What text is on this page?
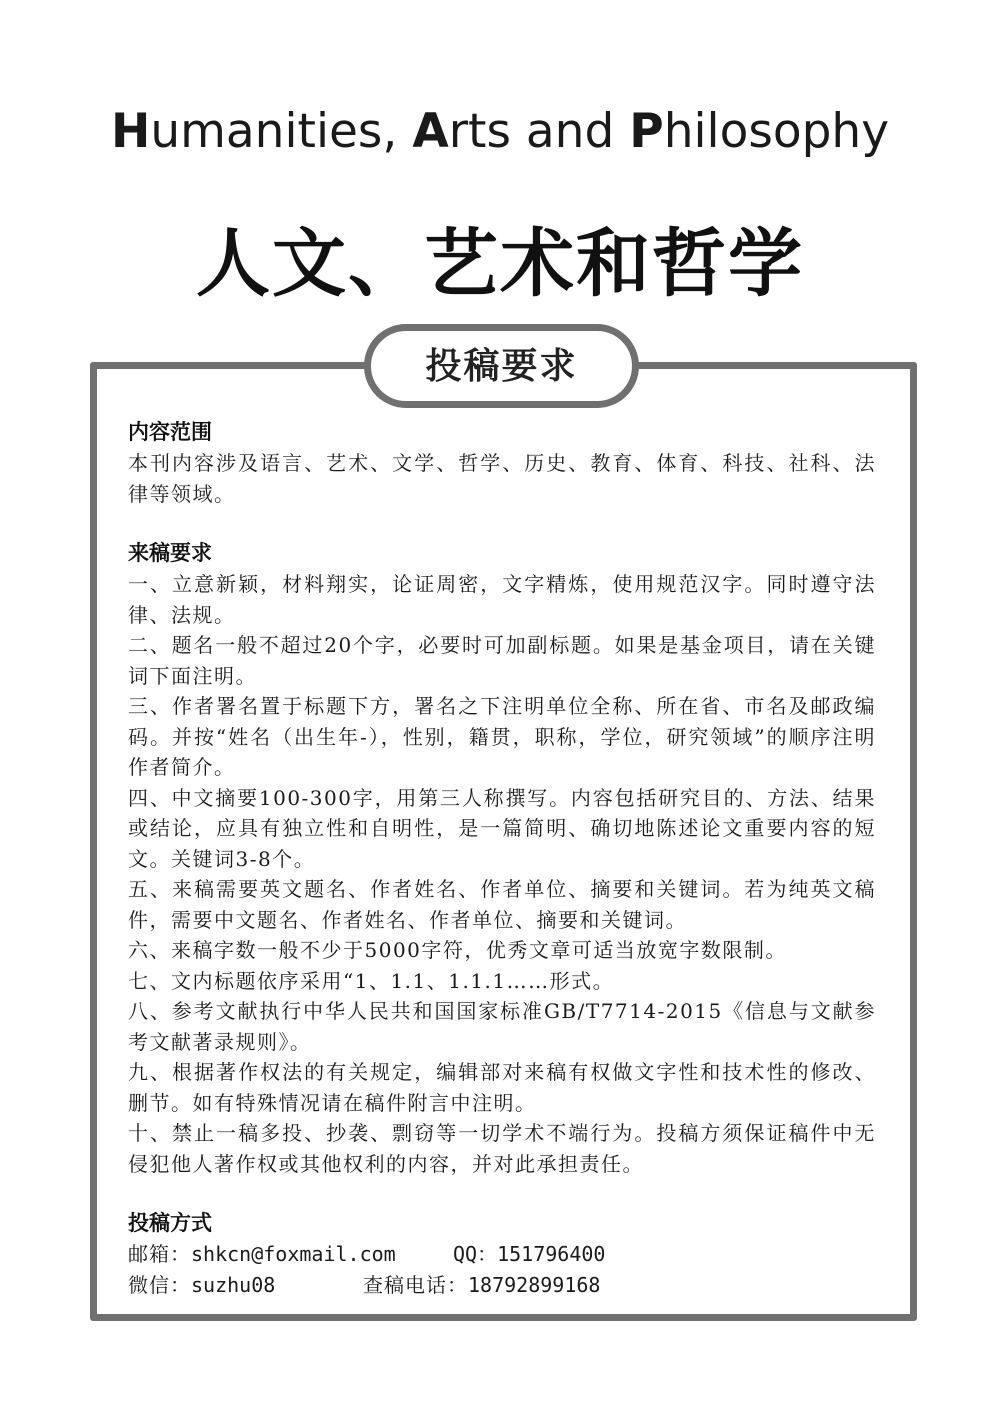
Humanities, Arts and Philosophy
人文、艺术和哲学
投稿要求

内容范围

本刊内容涉及语言、艺术、文学、哲学、历史、教育、体育、科技、社科、法律等领域。

来稿要求

一、立意新颖，材料翔实，论证周密，文字精炼，使用规范汉字。同时遵守法律、法规。

二、题名一般不超过20个字，必要时可加副标题。如果是基金项目，请在关键词下面注明。

三、作者署名置于标题下方，署名之下注明单位全称、所在省、市名及邮政编码。并按“姓名（出生年-），性别，籍贯，职称，学位，研究领域”的顺序注明作者简介。

四、中文摘要100-300字，用第三人称撰写。内容包括研究目的、方法、结果或结论，应具有独立性和自明性，是一篇简明、确切地陈述论文重要内容的短文。关键词3-8个。

五、来稿需要英文题名、作者姓名、作者单位、摘要和关键词。若为纯英文稿件，需要中文题名、作者姓名、作者单位、摘要和关键词。

六、来稿字数一般不少于5000字符，优秀文章可适当放宽字数限制。

七、文内标题依序采用“1、1.1、1.1.1……形式。

八、参考文献执行中华人民共和国国家标准GB/T7714-2015《信息与文献参考文献著录规则》。

九、根据著作权法的有关规定，编辑部对来稿有权做文字性和技术性的修改、删节。如有特殊情况请在稿件附言中注明。

十、禁止一稿多投、抄袭、剽窃等一切学术不端行为。投稿方须保证稿件中无侵犯他人著作权或其他权利的内容，并对此承担责任。

投稿方式

邮箱：shkcn@foxmail.com	QQ：151796400
微信：suzhu08	查稿电话：18792899168
